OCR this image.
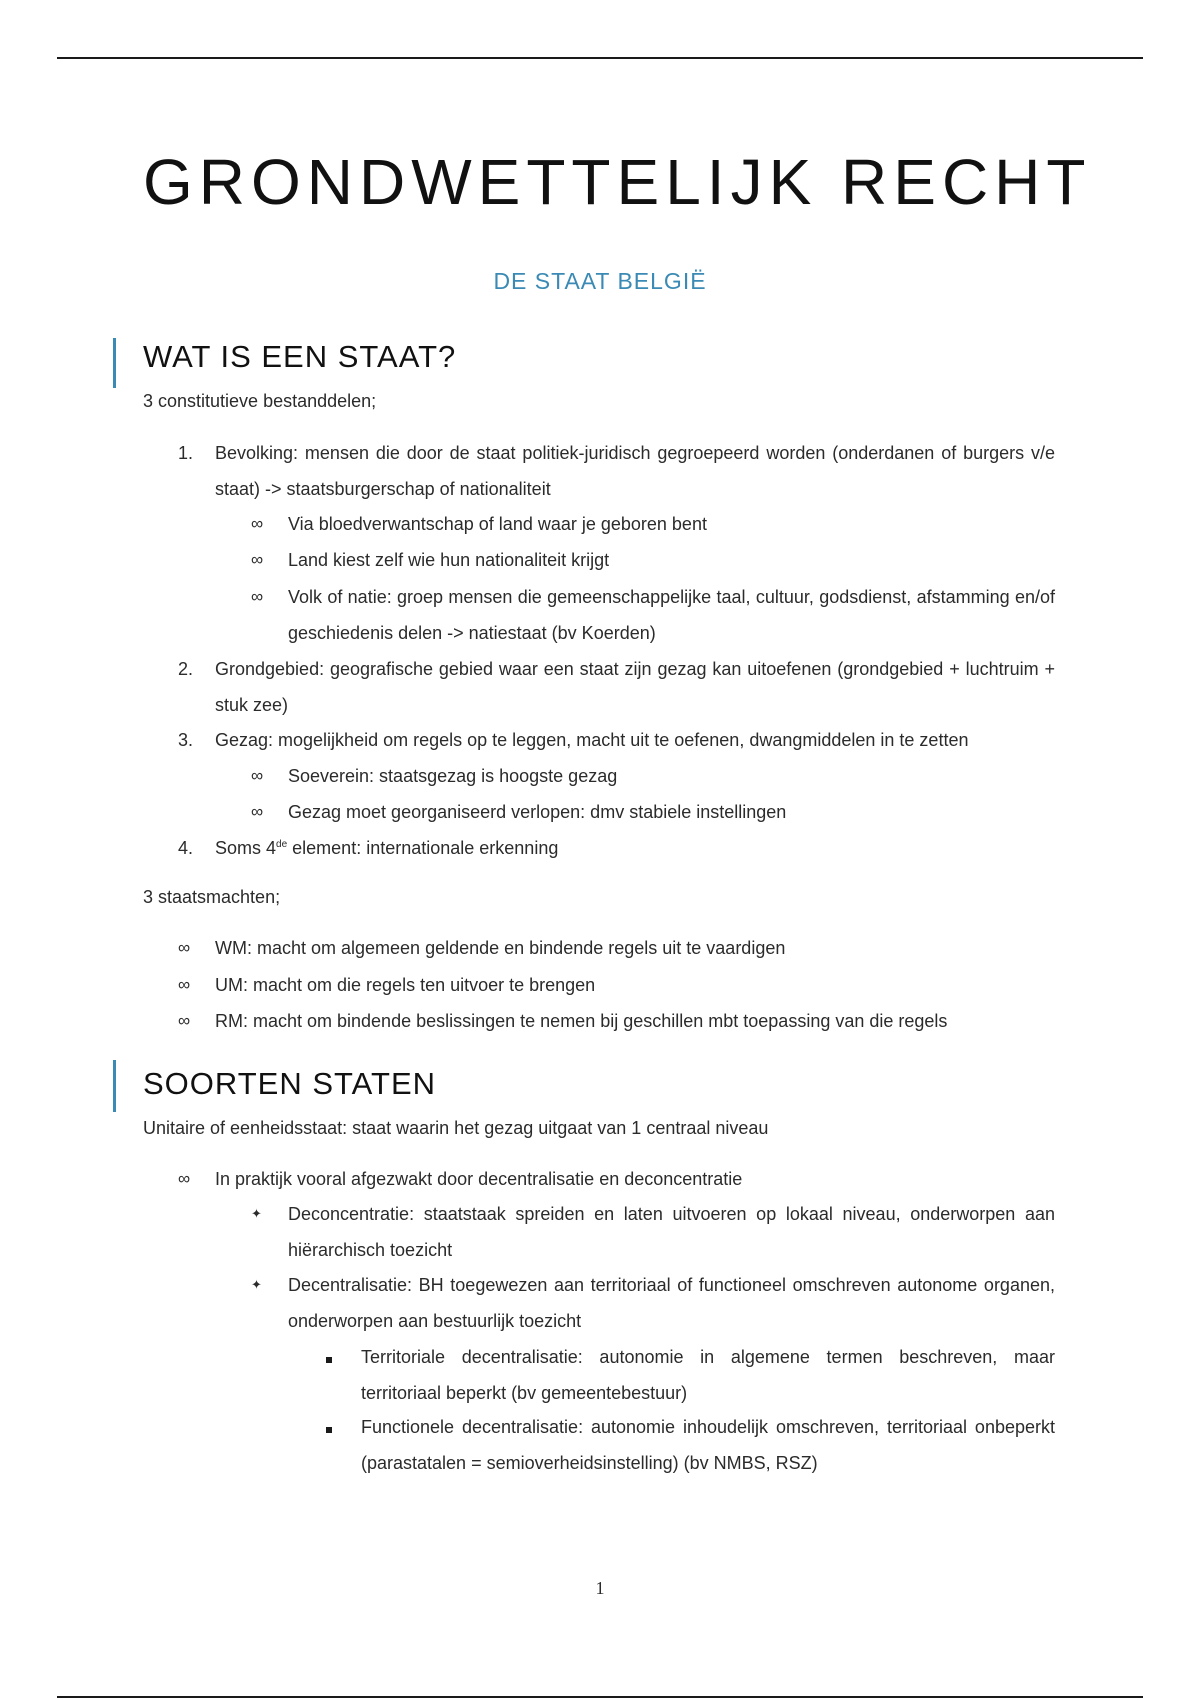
GRONDWETTELIJK RECHT
DE STAAT BELGIË
WAT IS EEN STAAT?
3 constitutieve bestanddelen;
1. Bevolking: mensen die door de staat politiek-juridisch gegroepeerd worden (onderdanen of burgers v/e staat) -> staatsburgerschap of nationaliteit
∞ Via bloedverwantschap of land waar je geboren bent
∞ Land kiest zelf wie hun nationaliteit krijgt
∞ Volk of natie: groep mensen die gemeenschappelijke taal, cultuur, godsdienst, afstamming en/of geschiedenis delen -> natiestaat (bv Koerden)
2. Grondgebied: geografische gebied waar een staat zijn gezag kan uitoefenen (grondgebied + luchtruim + stuk zee)
3. Gezag: mogelijkheid om regels op te leggen, macht uit te oefenen, dwangmiddelen in te zetten
∞ Soeverein: staatsgezag is hoogste gezag
∞ Gezag moet georganiseerd verlopen: dmv stabiele instellingen
4. Soms 4de element: internationale erkenning
3 staatsmachten;
∞ WM: macht om algemeen geldende en bindende regels uit te vaardigen
∞ UM: macht om die regels ten uitvoer te brengen
∞ RM: macht om bindende beslissingen te nemen bij geschillen mbt toepassing van die regels
SOORTEN STATEN
Unitaire of eenheidsstaat: staat waarin het gezag uitgaat van 1 centraal niveau
∞ In praktijk vooral afgezwakt door decentralisatie en deconcentratie
✦ Deconcentratie: staatstaak spreiden en laten uitvoeren op lokaal niveau, onderworpen aan hiërarchisch toezicht
✦ Decentralisatie: BH toegewezen aan territoriaal of functioneel omschreven autonome organen, onderworpen aan bestuurlijk toezicht
Territoriale decentralisatie: autonomie in algemene termen beschreven, maar territoriaal beperkt (bv gemeentebestuur)
Functionele decentralisatie: autonomie inhoudelijk omschreven, territoriaal onbeperkt (parastatalen = semioverheidsinstelling) (bv NMBS, RSZ)
1
